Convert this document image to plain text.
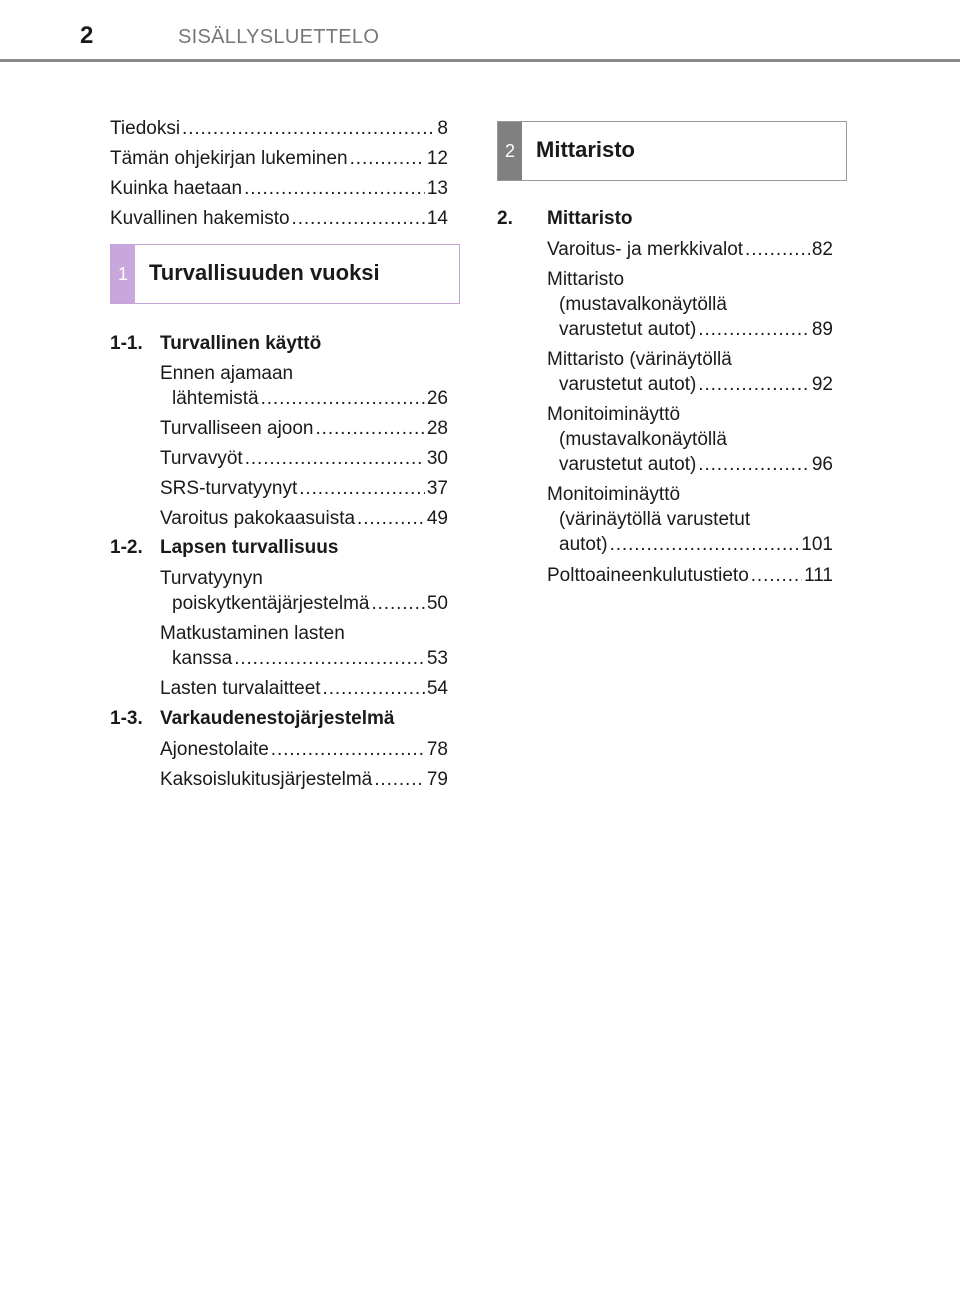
2	SISÄLLYSLUETTELO
Tiedoksi . . .	8
Tämän ohjekirjan lukeminen . . .	12
Kuinka haetaan . . .	13
Kuvallinen hakemisto . . .	14
1 Turvallisuuden vuoksi
1-1. Turvallinen käyttö
Ennen ajamaan
lähtemistä . . .	26
Turvalliseen ajoon . . .	28
Turvavyöt . . .	30
SRS-turvatyynyt . . .	37
Varoitus pakokaasuista . . .	49
1-2. Lapsen turvallisuus
Turvatyynyn
poiskytkentäjärjestelmä . . .	50
Matkustaminen lasten
kanssa . . .	53
Lasten turvalaitteet . . .	54
1-3. Varkaudenestojärjestelmä
Ajonestolaite . . .	78
Kaksoislukitusjärjestelmä . . .	79
2 Mittaristo
2. Mittaristo
Varoitus- ja merkkivalot . . .	82
Mittaristo
(mustavalkonäytöllä
varustetut autot) . . .	89
Mittaristo (värinäytöllä
varustetut autot) . . .	92
Monitoiminäyttö
(mustavalkonäytöllä
varustetut autot) . . .	96
Monitoiminäyttö
(värinäytöllä varustetut
autot) . . .	101
Polttoaineenkulutustieto . . .	111
